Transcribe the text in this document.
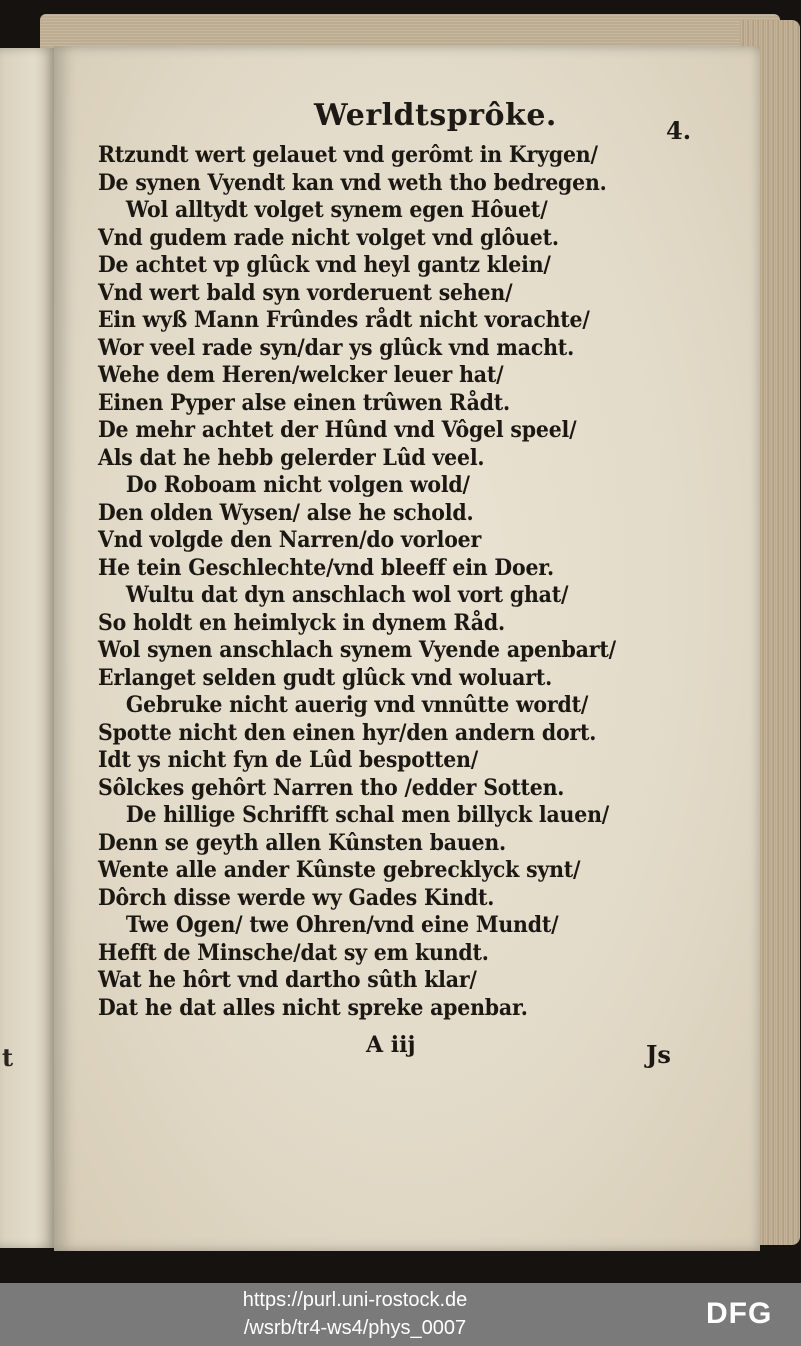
t
Werldtsprôke.	4.
Rtzundt wert gelauet vnd gerômt in Krygen/
De synen Vyendt kan vnd weth tho bedregen.
Wol alltydt volget synem egen Hôuet/
Vnd gudem rade nicht volget vnd glôuet.
De achtet vp glûck vnd heyl gantz klein/
Vnd wert bald syn vorderuent sehen/
Ein wyß Mann Frûndes rådt nicht vorachte/
Wor veel rade syn/dar ys glûck vnd macht.
Wehe dem Heren/welcker leuer hat/
Einen Pyper alse einen trûwen Rådt.
De mehr achtet der Hûnd vnd Vôgel speel/
Als dat he hebb gelerder Lûd veel.
Do Roboam nicht volgen wold/
Den olden Wysen/ alse he schold.
Vnd volgde den Narren/do vorloer
He tein Geschlechte/vnd bleeff ein Doer.
Wultu dat dyn anschlach wol vort ghat/
So holdt en heimlyck in dynem Råd.
Wol synen anschlach synem Vyende apenbart/
Erlanget selden gudt glûck vnd woluart.
Gebruke nicht auerig vnd vnnûtte wordt/
Spotte nicht den einen hyr/den andern dort.
Idt ys nicht fyn de Lûd bespotten/
Sôlckes gehôrt Narren tho /edder Sotten.
De hillige Schrifft schal men billyck lauen/
Denn se geyth allen Kûnsten bauen.
Wente alle ander Kûnste gebrecklyck synt/
Dôrch disse werde wy Gades Kindt.
Twe Ogen/ twe Ohren/vnd eine Mundt/
Hefft de Minsche/dat sy em kundt.
Wat he hôrt vnd dartho sûth klar/
Dat he dat alles nicht spreke apenbar.
A iij	Js
https://purl.uni-rostock.de
/wsrb/tr4-ws4/phys_0007	DFG
